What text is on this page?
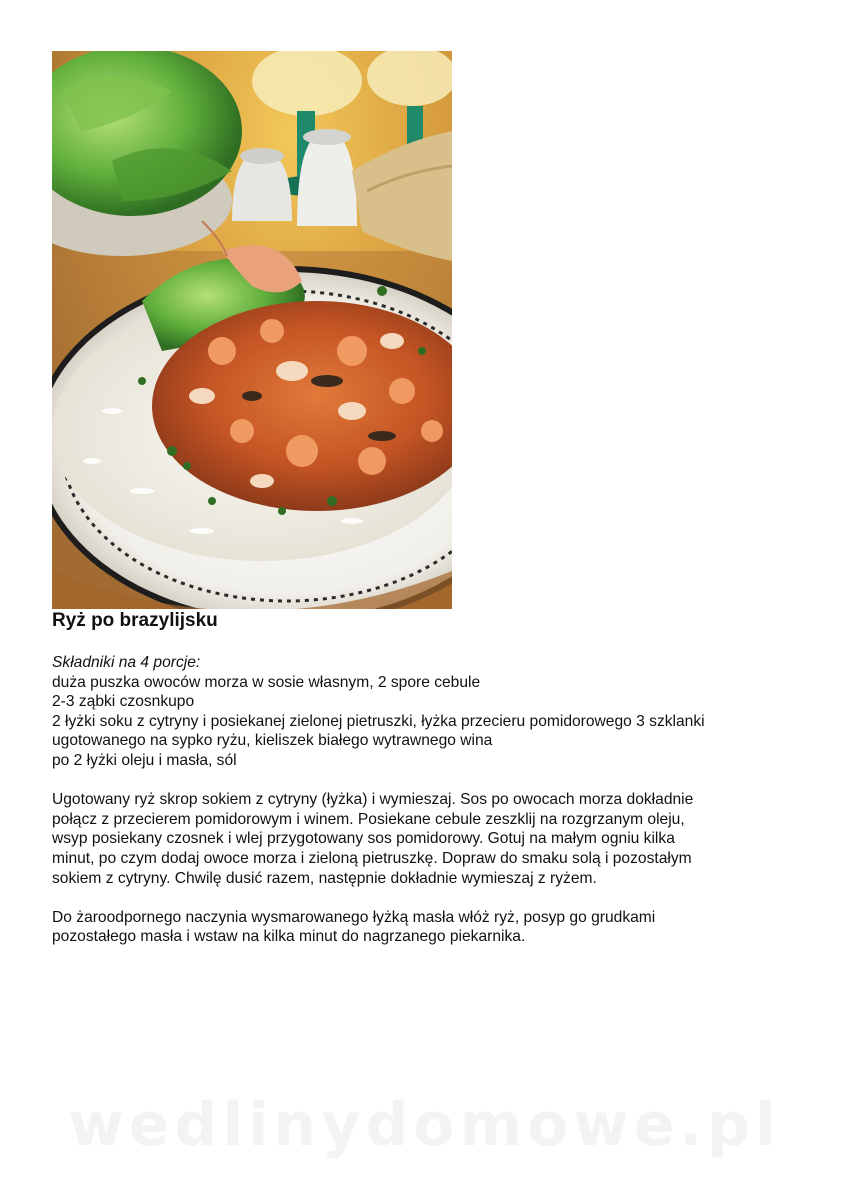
Ryż po brazylijsku
Składniki na 4 porcje:
duża puszka owoców morza w sosie własnym, 2 spore cebule
2-3 ząbki czosnkupo
2 łyżki soku z cytryny i posiekanej zielonej pietruszki, łyżka przecieru pomidorowego 3 szklanki
ugotowanego na sypko ryżu, kieliszek białego wytrawnego wina
po 2 łyżki oleju i masła, sól
Ugotowany ryż skrop sokiem z cytryny (łyżka) i wymieszaj. Sos po owocach morza dokładnie
połącz z przecierem pomidorowym i winem. Posiekane cebule zeszklij na rozgrzanym oleju,
wsyp posiekany czosnek i wlej przygotowany sos pomidorowy. Gotuj na małym ogniu kilka
minut, po czym dodaj owoce morza i zieloną pietruszkę. Dopraw do smaku solą i pozostałym
sokiem z cytryny. Chwilę dusić razem, następnie dokładnie wymieszaj z ryżem.
Do żaroodpornego naczynia wysmarowanego łyżką masła włóż ryż, posyp go grudkami
pozostałego masła i wstaw na kilka minut do nagrzanego piekarnika.
wedlinydomowe.pl
